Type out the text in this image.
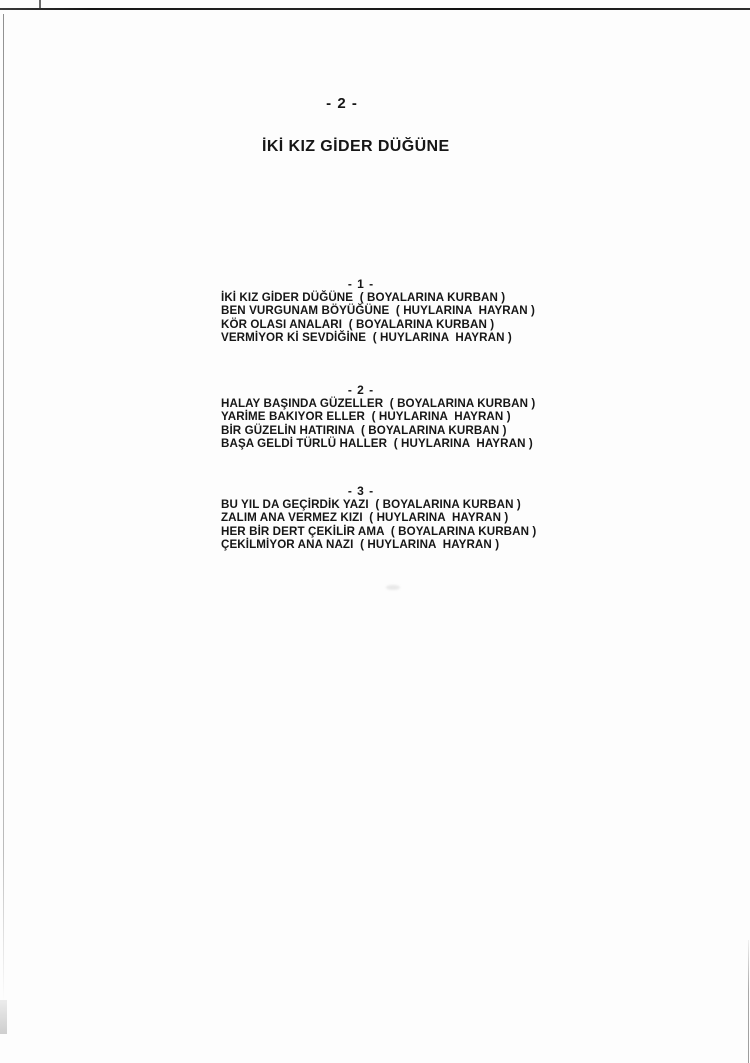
- 2 -
İKİ KIZ GİDER DÜĞÜNE
- 1 -
İKİ KIZ GİDER DÜĞÜNE  ( BOYALARINA KURBAN )
BEN VURGUNAM BÖYÜĞÜNE  ( HUYLARINA  HAYRAN )
KÖR OLASI ANALARI  ( BOYALARINA KURBAN )
VERMİYOR Kİ SEVDİĞİNE  ( HUYLARINA  HAYRAN )
- 2 -
HALAY BAŞINDA GÜZELLER  ( BOYALARINA KURBAN )
YARİME BAKIYOR ELLER  ( HUYLARINA  HAYRAN )
BİR GÜZELİN HATIRINA  ( BOYALARINA KURBAN )
BAŞA GELDİ TÜRLÜ HALLER  ( HUYLARINA  HAYRAN )
- 3 -
BU YIL DA GEÇİRDİK YAZI  ( BOYALARINA KURBAN )
ZALIM ANA VERMEZ KIZI  ( HUYLARINA  HAYRAN )
HER BİR DERT ÇEKİLİR AMA  ( BOYALARINA KURBAN )
ÇEKİLMİYOR ANA NAZI  ( HUYLARINA  HAYRAN )
